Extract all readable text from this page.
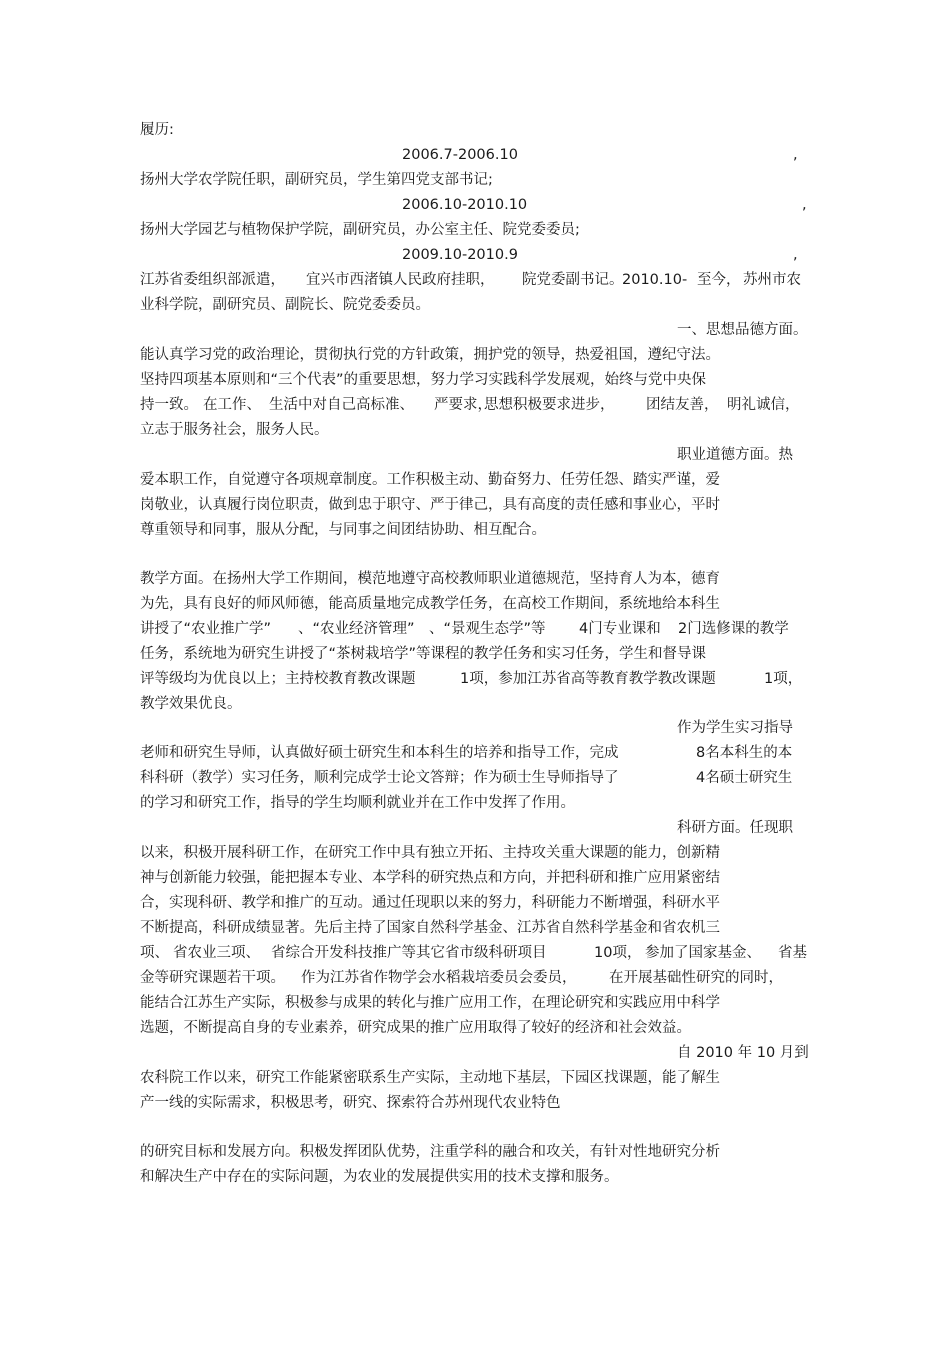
履历:
2006.7-2006.10	,
扬州大学农学院任职，副研究员，学生第四党支部书记;
2006.10-2010.10	,
扬州大学园艺与植物保护学院，副研究员，办公室主任、院党委委员;
2009.10-2010.9	,
江苏省委组织部派遣， 宜兴市西渚镇人民政府挂职， 院党委副书记。
2010.10- 至今， 苏州市农
业科学院，副研究员、副院长、院党委委员。
一、思想品德方面。
能认真学习党的政治理论，贯彻执行党的方针政策，拥护党的领导，热爱祖国，遵纪守法。
坚持四项基本原则和“三个代表”的重要思想，努力学习实践科学发展观，始终与党中央保
持一致。 在工作、 生活中对自己高标准、 严要求，
思想积极要求进步， 团结友善， 明礼诚信，
立志于服务社会，服务人民。
职业道德方面。热
爱本职工作，自觉遵守各项规章制度。工作积极主动、勤奋努力、任劳任怨、踏实严谨，爱
岗敬业，认真履行岗位职责，做到忠于职守、严于律己，具有高度的责任感和事业心，平时
尊重领导和同事，服从分配，与同事之间团结协助、相互配合。
教学方面。在扬州大学工作期间，模范地遵守高校教师职业道德规范，坚持育人为本，德育
为先，具有良好的师风师德，能高质量地完成教学任务，在高校工作期间，系统地给本科生
讲授了“农业推广学” 、“农业经济管理” 、“景观生态学”等 4门专业课和 2门选修课的教学
任务，系统地为研究生讲授了“茶树栽培学”等课程的教学任务和实习任务，学生和督导课
评等级均为优良以上；主持校教育教改课题	1项，参加江苏省高等教育教学教改课题	1项，
教学效果优良。
作为学生实习指导
老师和研究生导师，认真做好硕士研究生和本科生的培养和指导工作，完成	8名本科生的本
科科研（教学）实习任务，顺利完成学士论文答辩；作为硕士生导师指导了	4名硕士研究生
的学习和研究工作，指导的学生均顺利就业并在工作中发挥了作用。
科研方面。任现职
以来，积极开展科研工作，在研究工作中具有独立开拓、主持攻关重大课题的能力，创新精
神与创新能力较强，能把握本专业、本学科的研究热点和方向，并把科研和推广应用紧密结
合，实现科研、教学和推广的互动。通过任现职以来的努力，科研能力不断增强，科研水平
不断提高，科研成绩显著。先后主持了国家自然科学基金、江苏省自然科学基金和省农机三
项、 省农业三项、 省综合开发科技推广等其它省市级科研项目	10项， 参加了国家基金、 省基
金等研究课题若干项。 作为江苏省作物学会水稻栽培委员会委员， 在开展基础性研究的同时，
能结合江苏生产实际，积极参与成果的转化与推广应用工作，在理论研究和实践应用中科学
选题，不断提高自身的专业素养，研究成果的推广应用取得了较好的经济和社会效益。
自 2010 年 10 月到
农科院工作以来，研究工作能紧密联系生产实际，主动地下基层，下园区找课题，能了解生
产一线的实际需求，积极思考，研究、探索符合苏州现代农业特色
的研究目标和发展方向。积极发挥团队优势，注重学科的融合和攻关，有针对性地研究分析
和解决生产中存在的实际问题，为农业的发展提供实用的技术支撑和服务。
